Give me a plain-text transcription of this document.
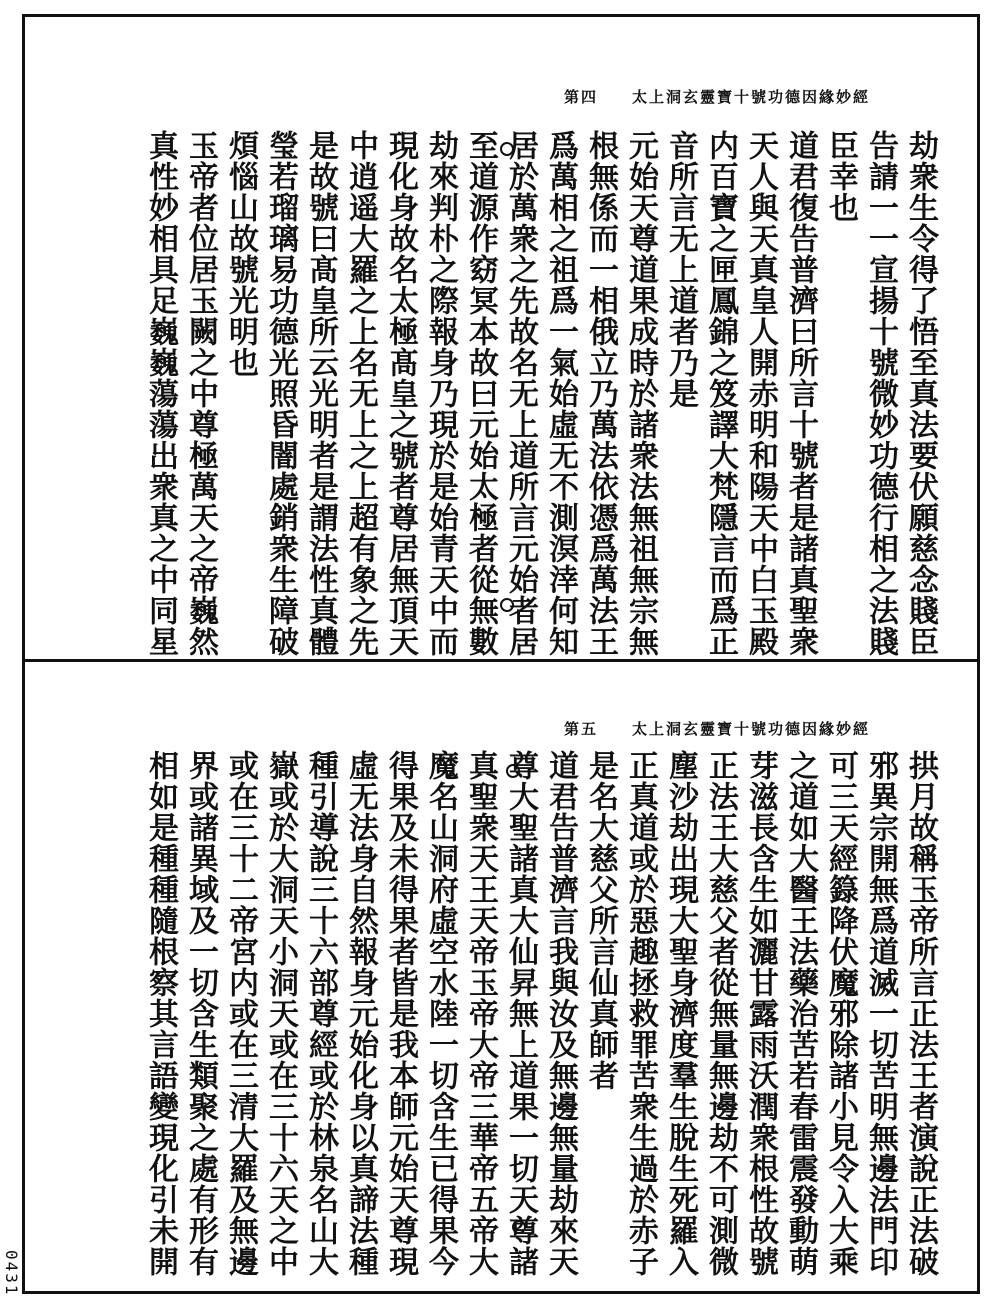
第四 太上洞玄靈寶十號功德因緣妙經
劫衆生令得了悟至真法要伏願慈念賤臣
告請一一宣揚十號微妙功德行相之法賤
臣幸也
道君復告普濟曰所言十號者是諸真聖衆
天人與天真皇人開赤明和陽天中白玉殿
内百寶之匣鳳錦之笈譯大梵隱言而爲正
音所言无上道者乃是
元始天尊道果成時於諸衆法無祖無宗無
根無係而一相俄立乃萬法依憑爲萬法王
爲萬相之祖爲一氣始虛无不測溟涬何知
居於萬衆之先故名无上道所言元始者居
至道源作窈冥本故曰元始太極者從無數
劫來判朴之際報身乃現於是始青天中而
現化身故名太極髙皇之號者尊居無頂天
中逍遥大羅之上名无上之上超有象之先
是故號曰髙皇所云光明者是謂法性真體
瑩若瑠璃易功德光照昏闇處銷衆生障破
煩惱山故號光明也
玉帝者位居玉闕之中尊極萬天之帝巍然
真性妙相具足巍巍蕩蕩出衆真之中同星
第五 太上洞玄靈寶十號功德因緣妙經
拱月故稱玉帝所言正法王者演說正法破
邪異宗開無爲道滅一切苦明無邊法門印
可三天經籙降伏魔邪除諸小見令入大乘
之道如大醫王法藥治苦若春雷震發動萌
芽滋長含生如灑甘露雨沃潤衆根性故號
正法王大慈父者從無量無邊劫不可測微
塵沙劫出現大聖身濟度羣生脫生死羅入
正真道或於惡趣拯救罪苦衆生過於赤子
是名大慈父所言仙真師者
道君告普濟言我與汝及無邊無量劫來天
尊大聖諸真大仙昇無上道果一切天尊諸
真聖衆天王天帝玉帝大帝三華帝五帝大
魔名山洞府虛空水陸一切含生已得果今
得果及未得果者皆是我本師元始天尊現
虛无法身自然報身元始化身以真諦法種
種引導說三十六部尊經或於林泉名山大
嶽或於大洞天小洞天或在三十六天之中
或在三十二帝宮内或在三清大羅及無邊
界或諸異域及一切含生類聚之處有形有
相如是種種隨根察其言語變現化引未開
0431
